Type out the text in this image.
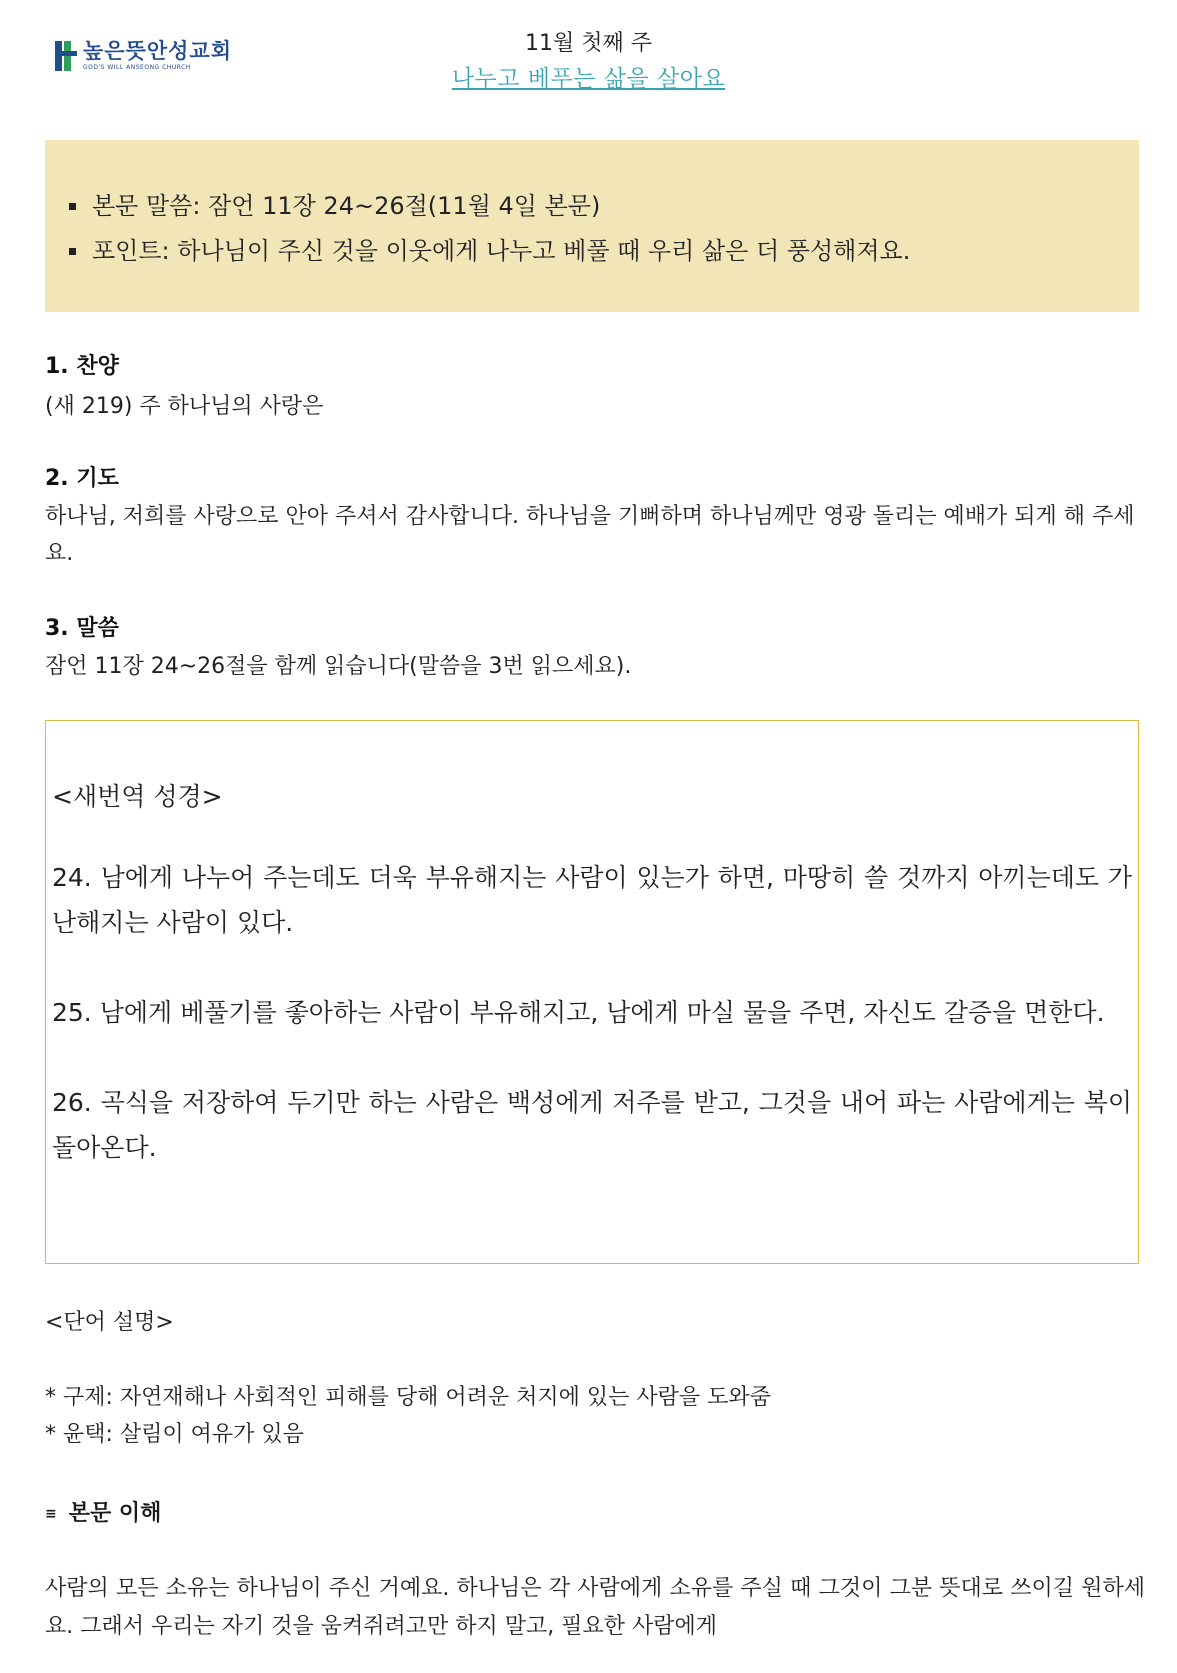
높은뜻안성교회
GOD'S WILL ANSEONG CHURCH
11월 첫째 주
나누고 베푸는 삶을 살아요
본문 말씀: 잠언 11장 24~26절(11월 4일 본문)
포인트: 하나님이 주신 것을 이웃에게 나누고 베풀 때 우리 삶은 더 풍성해져요.
1. 찬양
(새 219) 주 하나님의 사랑은
2. 기도
하나님, 저희를 사랑으로 안아 주셔서 감사합니다. 하나님을 기뻐하며 하나님께만 영광 돌리는 예배가 되게 해 주세요.
3. 말씀
잠언 11장 24~26절을 함께 읽습니다(말씀을 3번 읽으세요).
<새번역 성경>
24. 남에게 나누어 주는데도 더욱 부유해지는 사람이 있는가 하면, 마땅히 쓸 것까지 아끼는데도 가난해지는 사람이 있다.
25. 남에게 베풀기를 좋아하는 사람이 부유해지고, 남에게 마실 물을 주면, 자신도 갈증을 면한다.
26. 곡식을 저장하여 두기만 하는 사람은 백성에게 저주를 받고, 그것을 내어 파는 사람에게는 복이 돌아온다.
<단어 설명>
* 구제: 자연재해나 사회적인 피해를 당해 어려운 처지에 있는 사람을 도와줌
* 윤택: 살림이 여유가 있음
≡ 본문 이해
사람의 모든 소유는 하나님이 주신 거예요. 하나님은 각 사람에게 소유를 주실 때 그것이 그분 뜻대로 쓰이길 원하세요. 그래서 우리는 자기 것을 움켜쥐려고만 하지 말고, 필요한 사람에게
